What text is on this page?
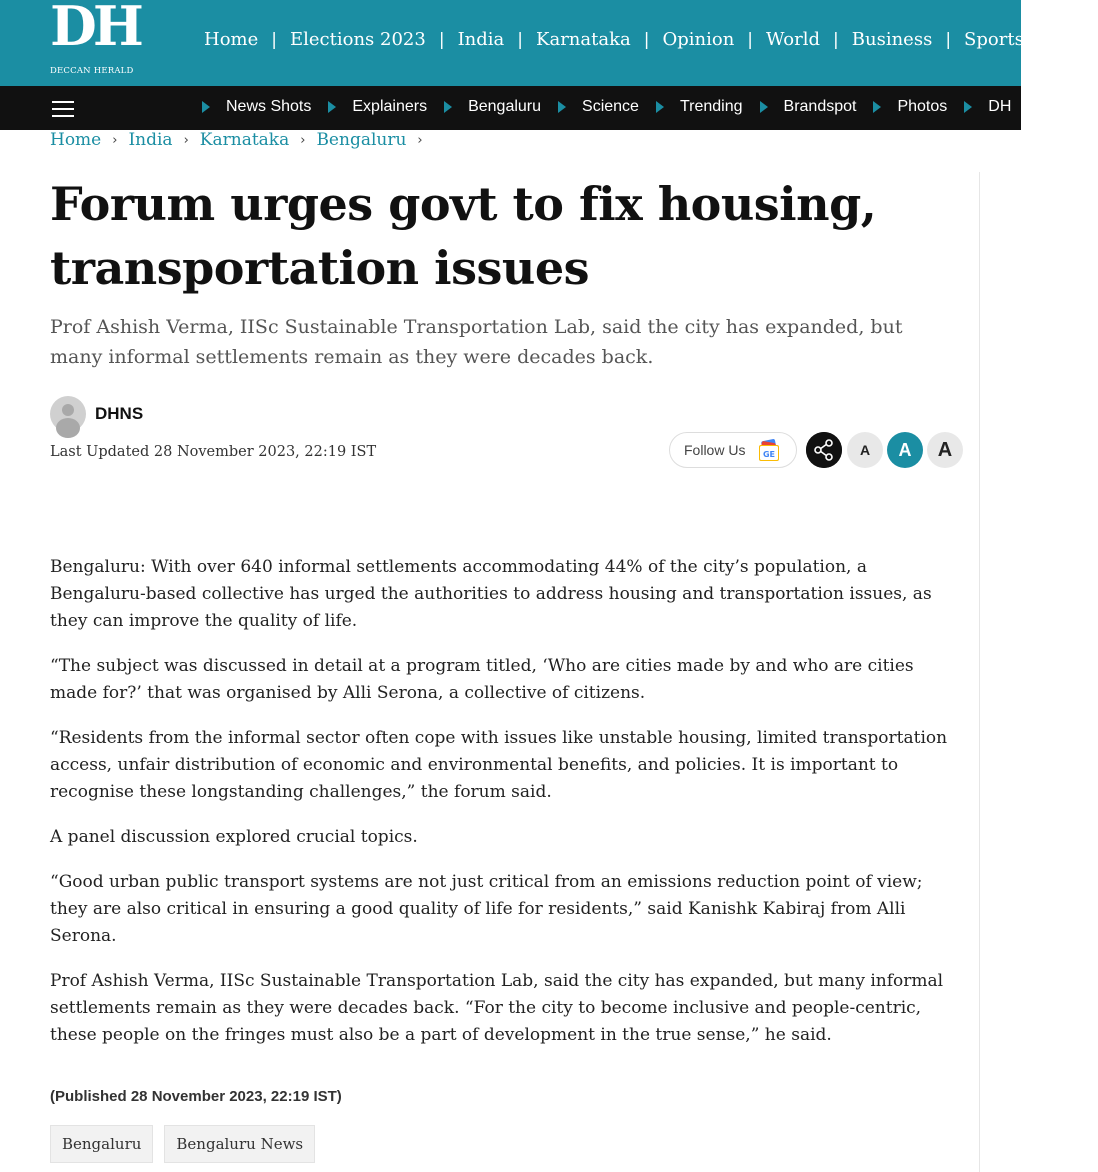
DH
DECCAN HERALD
Home | Elections 2023 | India | Karnataka | Opinion | World | Business | Sports | Ente
News Shots	Explainers	Bengaluru	Science	Trending	Brandspot	Photos	DH
Home › India › Karnataka › Bengaluru ›
Forum urges govt to fix housing, transportation issues

Prof Ashish Verma, IISc Sustainable Transportation Lab, said the city has expanded, but many informal settlements remain as they were decades back.

DHNS
Last Updated 28 November 2023, 22:19 IST	Follow Us GE	A	A	A

Bengaluru: With over 640 informal settlements accommodating 44% of the city’s population, a Bengaluru-based collective has urged the authorities to address housing and transportation issues, as they can improve the quality of life.

“The subject was discussed in detail at a program titled, ‘Who are cities made by and who are cities made for?’ that was organised by Alli Serona, a collective of citizens.

“Residents from the informal sector often cope with issues like unstable housing, limited transportation access, unfair distribution of economic and environmental benefits, and policies. It is important to recognise these longstanding challenges,” the forum said.

A panel discussion explored crucial topics.

“Good urban public transport systems are not just critical from an emissions reduction point of view; they are also critical in ensuring a good quality of life for residents,” said Kanishk Kabiraj from Alli Serona.

Prof Ashish Verma, IISc Sustainable Transportation Lab, said the city has expanded, but many informal settlements remain as they were decades back. “For the city to become inclusive and people-centric, these people on the fringes must also be a part of development in the true sense,” he said.

(Published 28 November 2023, 22:19 IST)
Bengaluru	Bengaluru News
